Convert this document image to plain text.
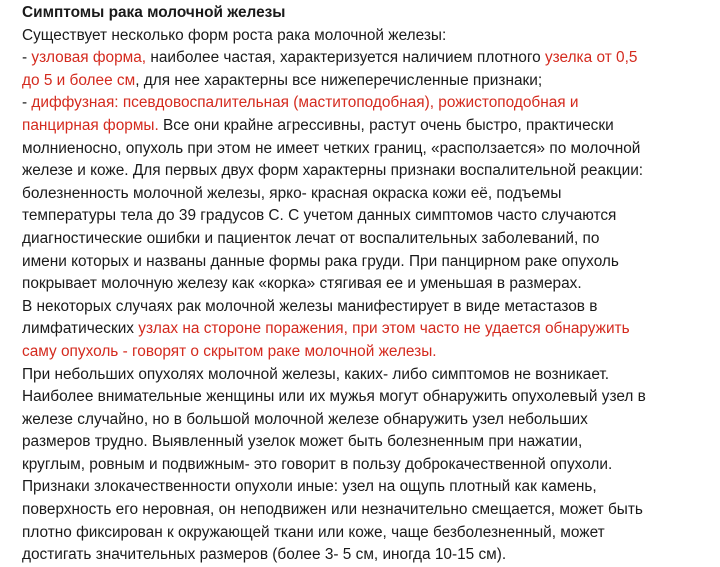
Симптомы рака молочной железы

Существует несколько форм роста рака молочной железы:

- узловая форма, наиболее частая, характеризуется наличием плотного узелка от 0,5

до 5 и более см, для нее характерны все нижеперечисленные признаки;

- диффузная: псевдовоспалительная (маститоподобная), рожистоподобная и

панцирная формы. Все они крайне агрессивны, растут очень быстро, практически

молниеносно, опухоль при этом не имеет четких границ, «расползается» по молочной

железе и коже. Для первых двух форм характерны признаки воспалительной реакции:

болезненность молочной железы, ярко- красная окраска кожи её, подъемы

температуры тела до 39 градусов С. С учетом данных симптомов часто случаются

диагностические ошибки и пациенток лечат от воспалительных заболеваний, по

имени которых и названы данные формы рака груди. При панцирном раке опухоль

покрывает молочную железу как «корка» стягивая ее и уменьшая в размерах.

В некоторых случаях рак молочной железы манифестирует в виде метастазов в

лимфатических узлах на стороне поражения, при этом часто не удается обнаружить

саму опухоль - говорят о скрытом раке молочной железы.

При небольших опухолях молочной железы, каких- либо симптомов не возникает.

Наиболее внимательные женщины или их мужья могут обнаружить опухолевый узел в

железе случайно, но в большой молочной железе обнаружить узел небольших

размеров трудно. Выявленный узелок может быть болезненным при нажатии,

круглым, ровным и подвижным- это говорит в пользу доброкачественной опухоли.

Признаки злокачественности опухоли иные: узел на ощупь плотный как камень,

поверхность его неровная, он неподвижен или незначительно смещается, может быть

плотно фиксирован к окружающей ткани или коже, чаще безболезненный, может

достигать значительных размеров (более 3- 5 см, иногда 10-15 см).
